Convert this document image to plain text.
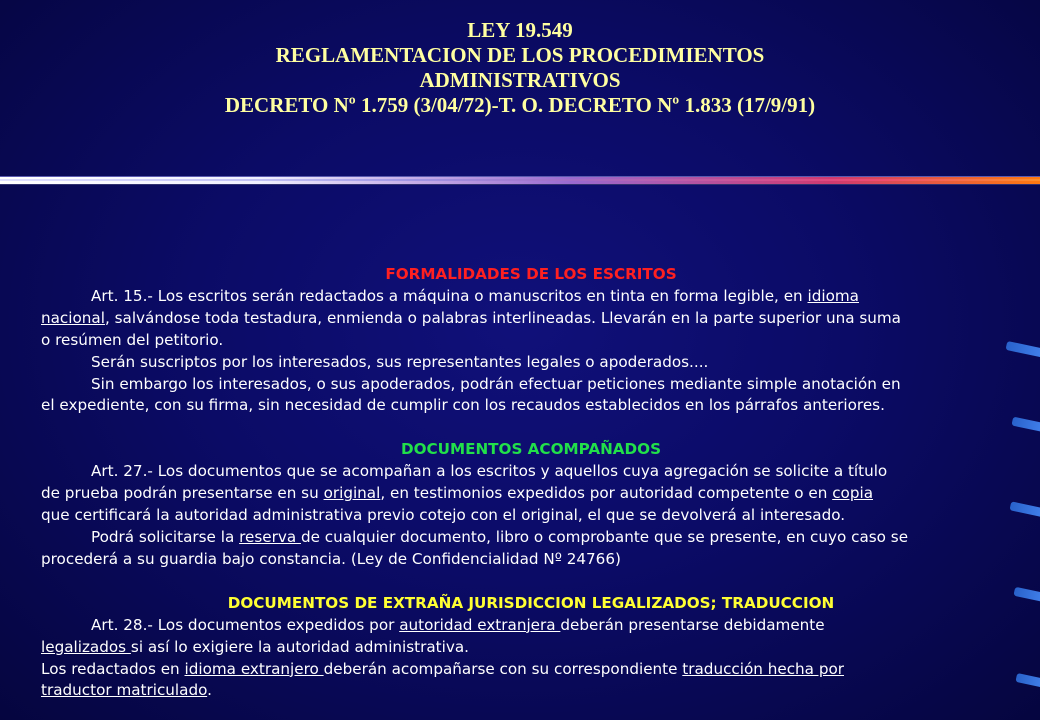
LEY 19.549
REGLAMENTACION DE LOS PROCEDIMIENTOS
ADMINISTRATIVOS
DECRETO Nº 1.759 (3/04/72)-T. O. DECRETO Nº 1.833 (17/9/91)
FORMALIDADES DE LOS ESCRITOS
Art. 15.- Los escritos serán redactados a máquina o manuscritos en tinta en forma legible, en idioma
nacional, salvándose toda testadura, enmienda o palabras interlineadas. Llevarán en la parte superior una suma
o resúmen del petitorio.
Serán suscriptos por los interesados, sus representantes legales o apoderados....
Sin embargo los interesados, o sus apoderados, podrán efectuar peticiones mediante simple anotación en
el expediente, con su firma, sin necesidad de cumplir con los recaudos establecidos en los párrafos anteriores.
DOCUMENTOS ACOMPAÑADOS
Art. 27.- Los documentos que se acompañan a los escritos y aquellos cuya agregación se solicite a título
de prueba podrán presentarse en su original, en testimonios expedidos por autoridad competente o en copia
que certificará la autoridad administrativa previo cotejo con el original, el que se devolverá al interesado.
Podrá solicitarse la reserva de cualquier documento, libro o comprobante que se presente, en cuyo caso se
procederá a su guardia bajo constancia. (Ley de Confidencialidad Nº 24766)
DOCUMENTOS DE EXTRAÑA JURISDICCION LEGALIZADOS; TRADUCCION
Art. 28.- Los documentos expedidos por autoridad extranjera deberán presentarse debidamente
legalizados si así lo exigiere la autoridad administrativa.
Los redactados en idioma extranjero deberán acompañarse con su correspondiente traducción hecha por
traductor matriculado.
